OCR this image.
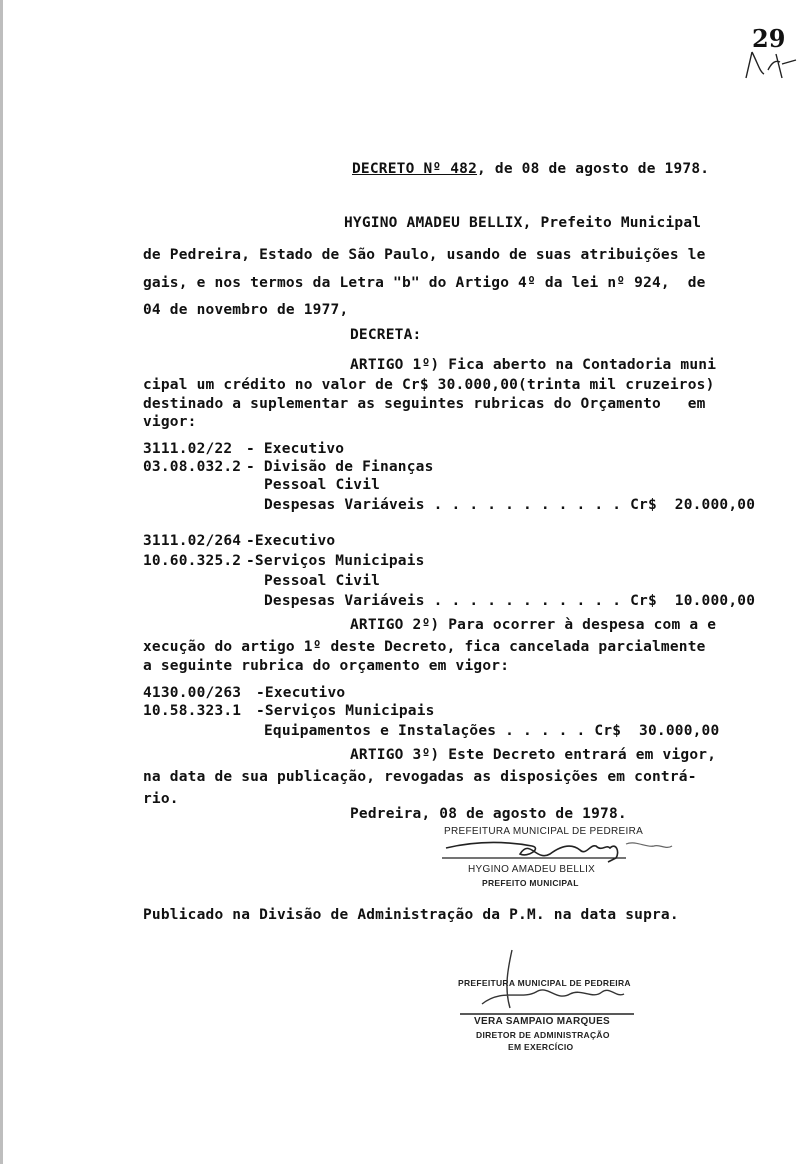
29
DECRETO Nº 482, de 08 de agosto de 1978.
HYGINO AMADEU BELLIX, Prefeito Municipal
de Pedreira, Estado de São Paulo, usando de suas atribuições le
gais, e nos termos da Letra "b" do Artigo 4º da lei nº 924,  de
04 de novembro de 1977,
DECRETA:
ARTIGO 1º) Fica aberto na Contadoria muni
cipal um crédito no valor de Cr$ 30.000,00(trinta mil cruzeiros)
destinado a suplementar as seguintes rubricas do Orçamento   em
vigor:
3111.02/22 - Executivo
03.08.032.2 - Divisão de Finanças
Pessoal Civil
Despesas Variáveis . . . . . . . . . . . Cr$  20.000,00
3111.02/264 -Executivo
10.60.325.2 -Serviços Municipais
Pessoal Civil
Despesas Variáveis . . . . . . . . . . . Cr$  10.000,00
ARTIGO 2º) Para ocorrer à despesa com a e
xecução do artigo 1º deste Decreto, fica cancelada parcialmente
a seguinte rubrica do orçamento em vigor:
4130.00/263 -Executivo
10.58.323.1 -Serviços Municipais
Equipamentos e Instalações . . . . . Cr$  30.000,00
ARTIGO 3º) Este Decreto entrará em vigor,
na data de sua publicação, revogadas as disposições em contrá-
rio.
Pedreira, 08 de agosto de 1978.
PREFEITURA MUNICIPAL DE PEDREIRA
HYGINO AMADEU BELLIX
PREFEITO MUNICIPAL
Publicado na Divisão de Administração da P.M. na data supra.
PREFEITURA MUNICIPAL DE PEDREIRA
VERA SAMPAIO MARQUES
DIRETOR DE ADMINISTRAÇÃO
EM EXERCÍCIO
